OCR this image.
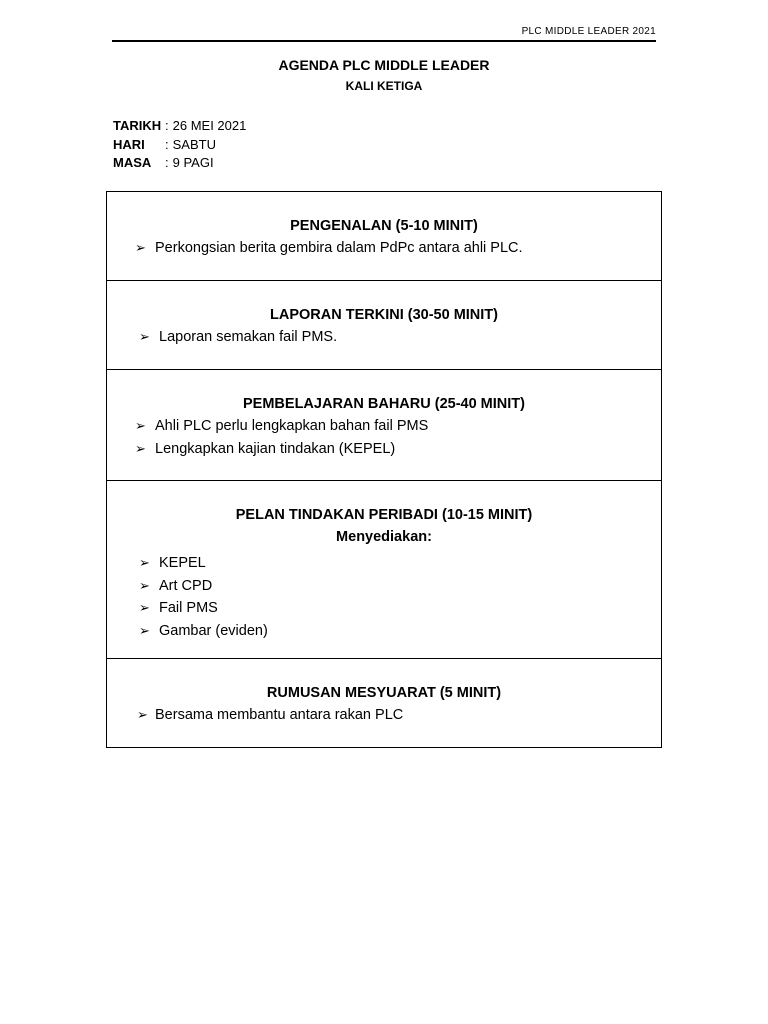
PLC MIDDLE LEADER 2021
AGENDA PLC MIDDLE LEADER
KALI KETIGA
TARIKH : 26 MEI 2021
HARI	: SABTU
MASA	: 9 PAGI
PENGENALAN (5-10 MINIT)
➢ Perkongsian berita gembira dalam PdPc antara ahli PLC.
LAPORAN TERKINI (30-50 MINIT)
➢ Laporan semakan fail PMS.
PEMBELAJARAN BAHARU (25-40 MINIT)
➢ Ahli PLC perlu lengkapkan bahan fail PMS
➢ Lengkapkan kajian tindakan (KEPEL)
PELAN TINDAKAN PERIBADI (10-15 MINIT)
Menyediakan:
➢ KEPEL
➢ Art CPD
➢ Fail PMS
➢ Gambar (eviden)
RUMUSAN MESYUARAT (5 MINIT)
➢ Bersama membantu antara rakan PLC
